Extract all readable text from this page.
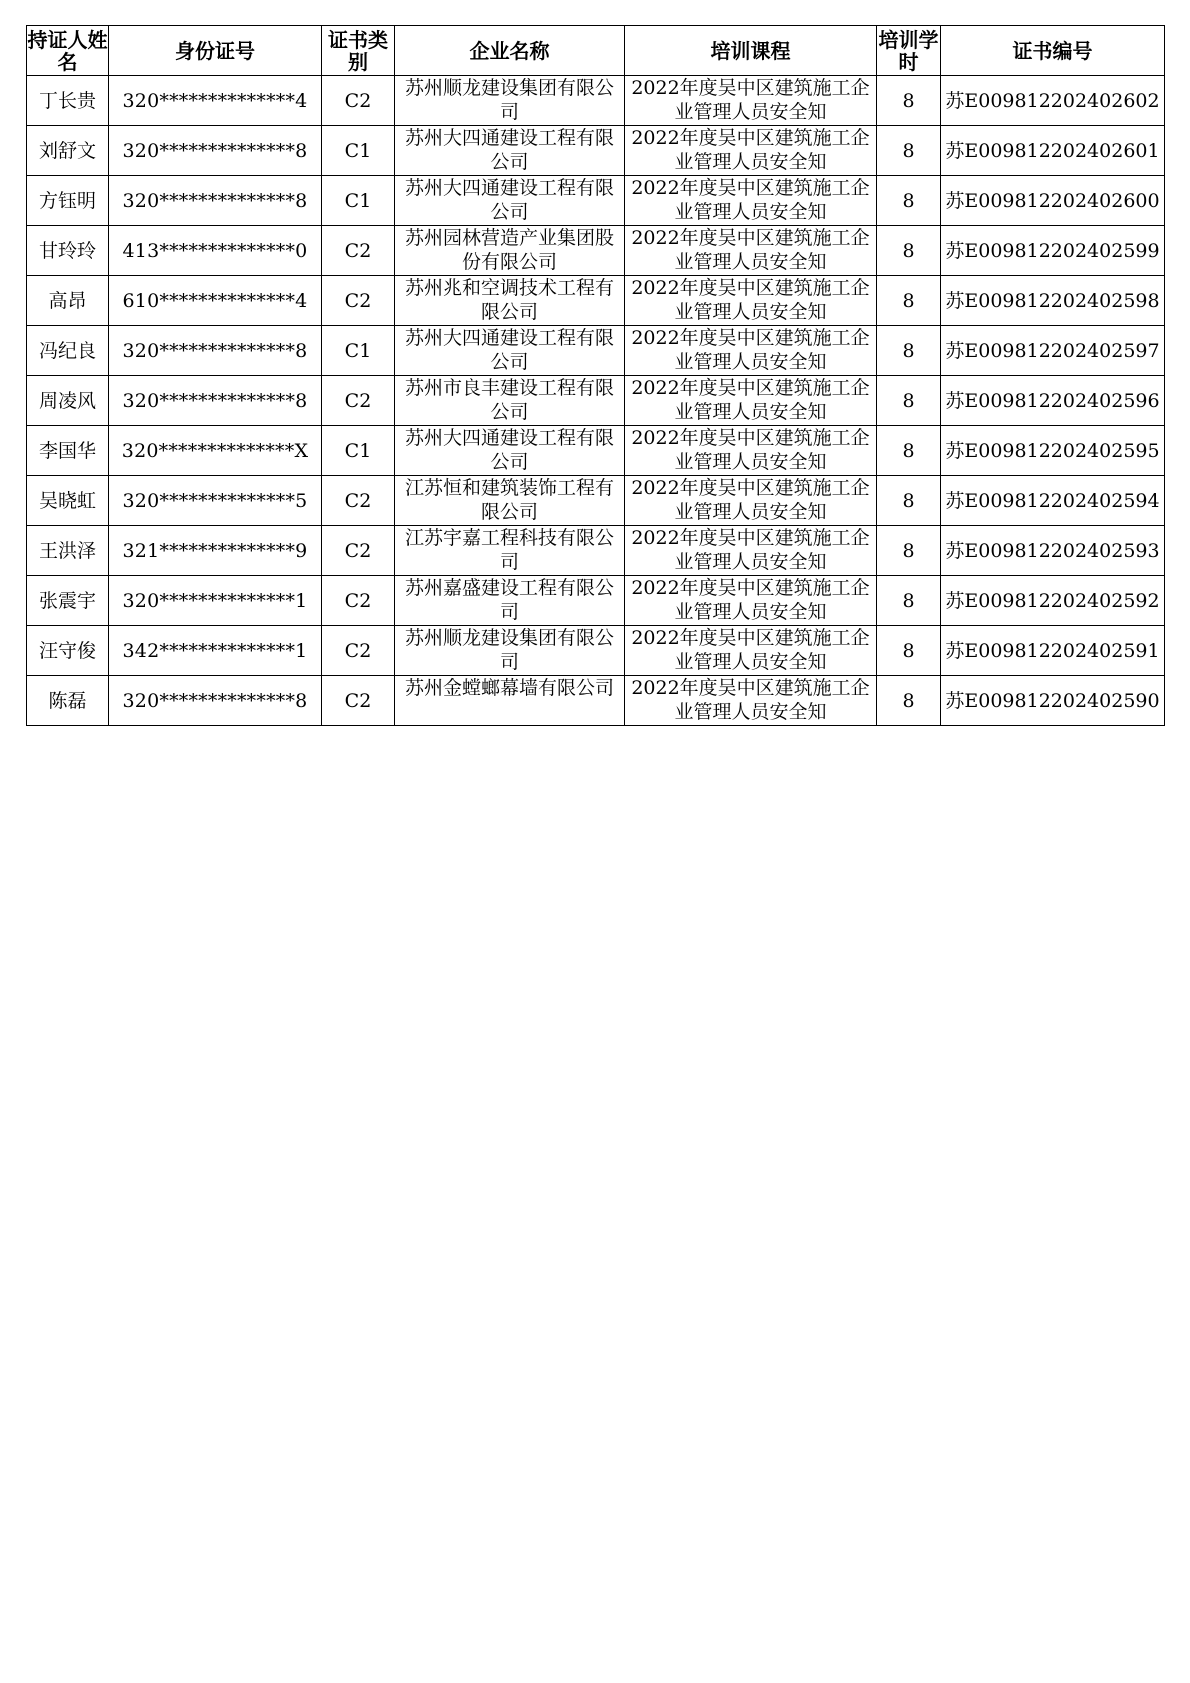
持证人姓名	身份证号	证书类别	企业名称	培训课程	培训学时	证书编号
丁长贵	320**************4	C2	苏州顺龙建设集团有限公司	2022年度吴中区建筑施工企业管理人员安全知	8	苏E009812202402602
刘舒文	320**************8	C1	苏州大四通建设工程有限公司	2022年度吴中区建筑施工企业管理人员安全知	8	苏E009812202402601
方钰明	320**************8	C1	苏州大四通建设工程有限公司	2022年度吴中区建筑施工企业管理人员安全知	8	苏E009812202402600
甘玲玲	413**************0	C2	苏州园林营造产业集团股份有限公司	2022年度吴中区建筑施工企业管理人员安全知	8	苏E009812202402599
高昂	610**************4	C2	苏州兆和空调技术工程有限公司	2022年度吴中区建筑施工企业管理人员安全知	8	苏E009812202402598
冯纪良	320**************8	C1	苏州大四通建设工程有限公司	2022年度吴中区建筑施工企业管理人员安全知	8	苏E009812202402597
周凌风	320**************8	C2	苏州市良丰建设工程有限公司	2022年度吴中区建筑施工企业管理人员安全知	8	苏E009812202402596
李国华	320**************X	C1	苏州大四通建设工程有限公司	2022年度吴中区建筑施工企业管理人员安全知	8	苏E009812202402595
吴晓虹	320**************5	C2	江苏恒和建筑装饰工程有限公司	2022年度吴中区建筑施工企业管理人员安全知	8	苏E009812202402594
王洪泽	321**************9	C2	江苏宇嘉工程科技有限公司	2022年度吴中区建筑施工企业管理人员安全知	8	苏E009812202402593
张震宇	320**************1	C2	苏州嘉盛建设工程有限公司	2022年度吴中区建筑施工企业管理人员安全知	8	苏E009812202402592
汪守俊	342**************1	C2	苏州顺龙建设集团有限公司	2022年度吴中区建筑施工企业管理人员安全知	8	苏E009812202402591
陈磊	320**************8	C2	苏州金螳螂幕墙有限公司	2022年度吴中区建筑施工企业管理人员安全知	8	苏E009812202402590
